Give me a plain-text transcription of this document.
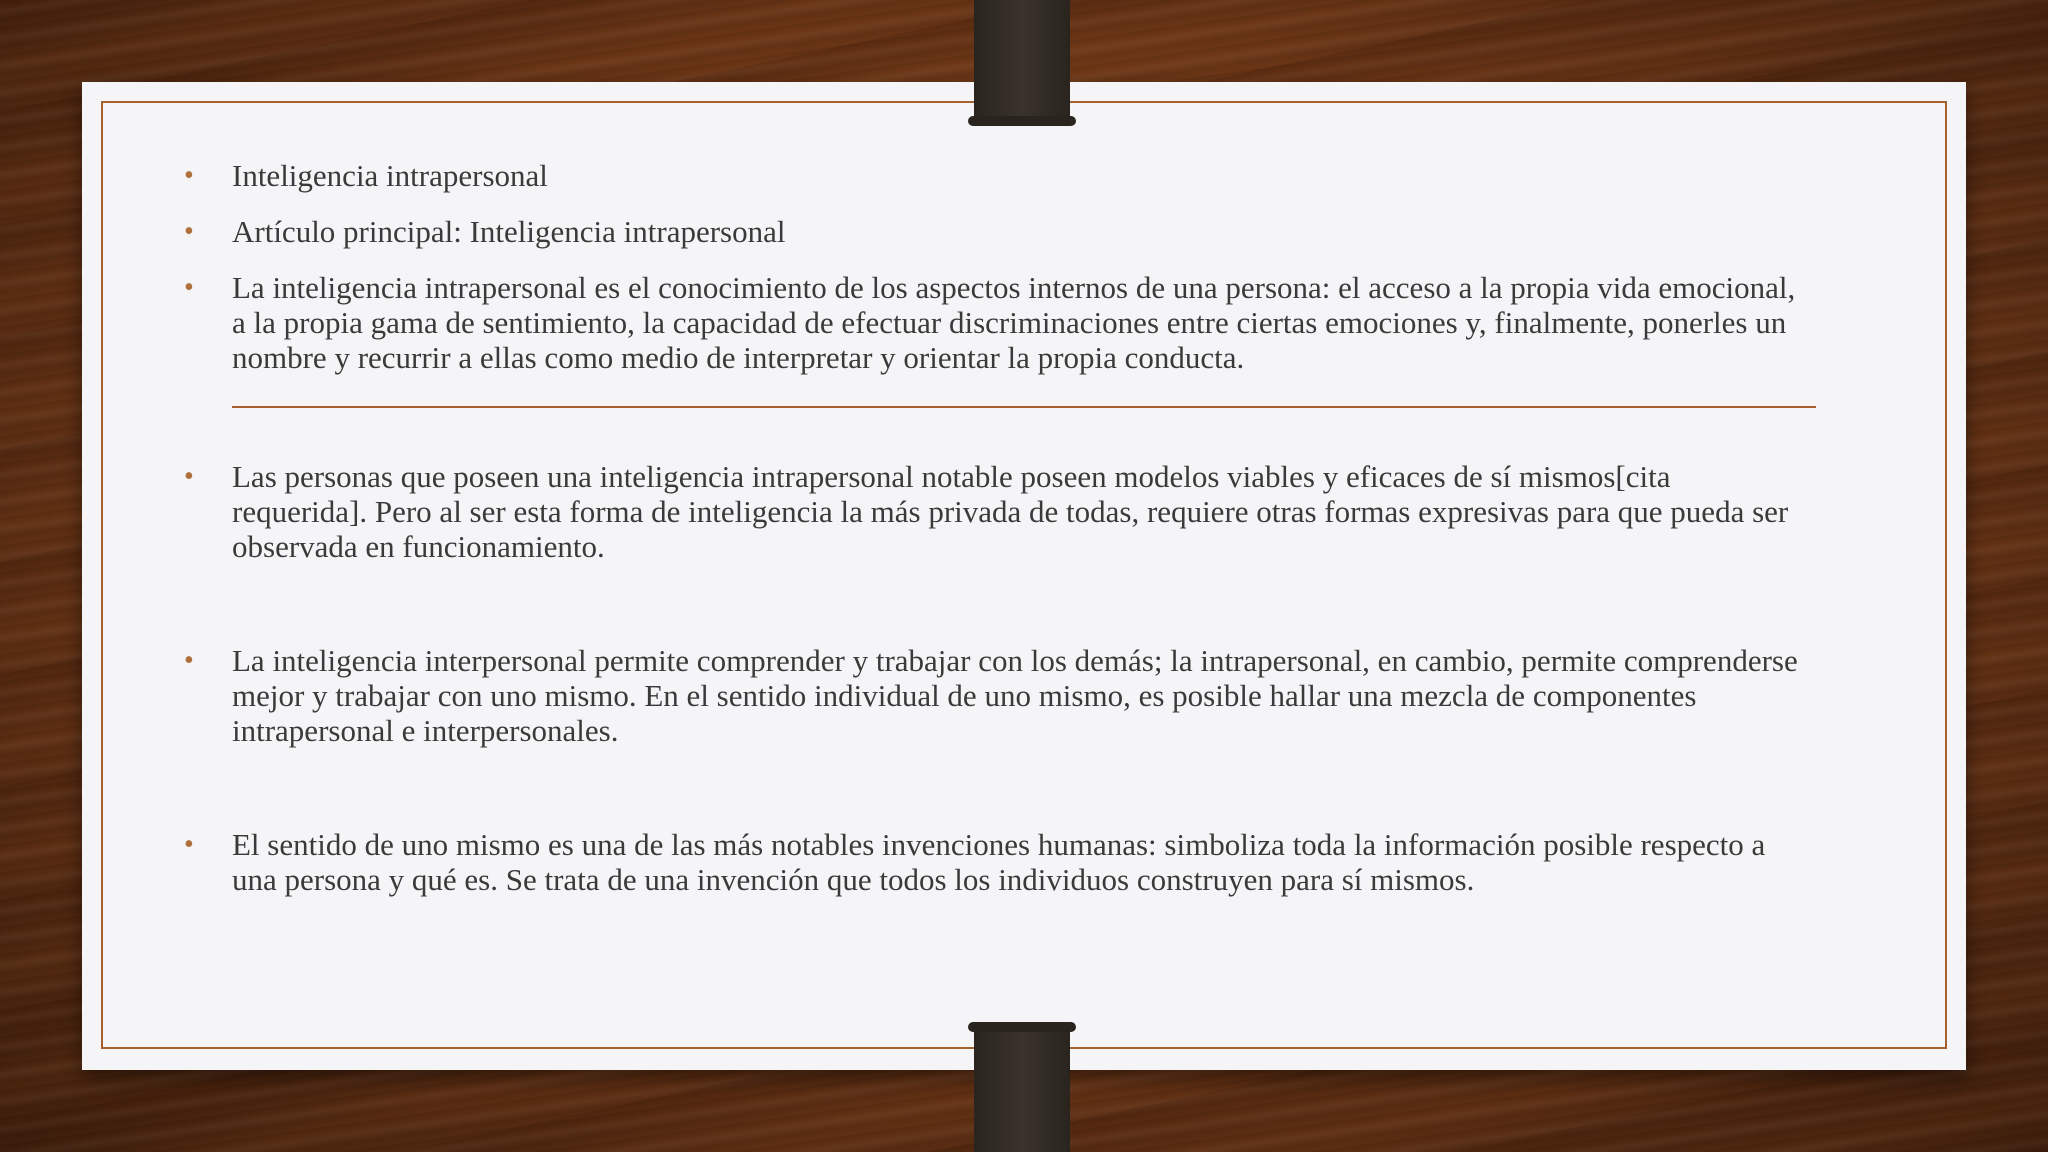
• Inteligencia intrapersonal
• Artículo principal: Inteligencia intrapersonal
• La inteligencia intrapersonal es el conocimiento de los aspectos internos de una persona: el acceso a la propia vida emocional, a la propia gama de sentimiento, la capacidad de efectuar discriminaciones entre ciertas emociones y, finalmente, ponerles un nombre y recurrir a ellas como medio de interpretar y orientar la propia conducta.
• Las personas que poseen una inteligencia intrapersonal notable poseen modelos viables y eficaces de sí mismos[cita requerida]. Pero al ser esta forma de inteligencia la más privada de todas, requiere otras formas expresivas para que pueda ser observada en funcionamiento.
• La inteligencia interpersonal permite comprender y trabajar con los demás; la intrapersonal, en cambio, permite comprenderse mejor y trabajar con uno mismo. En el sentido individual de uno mismo, es posible hallar una mezcla de componentes intrapersonal e interpersonales.
• El sentido de uno mismo es una de las más notables invenciones humanas: simboliza toda la información posible respecto a una persona y qué es. Se trata de una invención que todos los individuos construyen para sí mismos.
